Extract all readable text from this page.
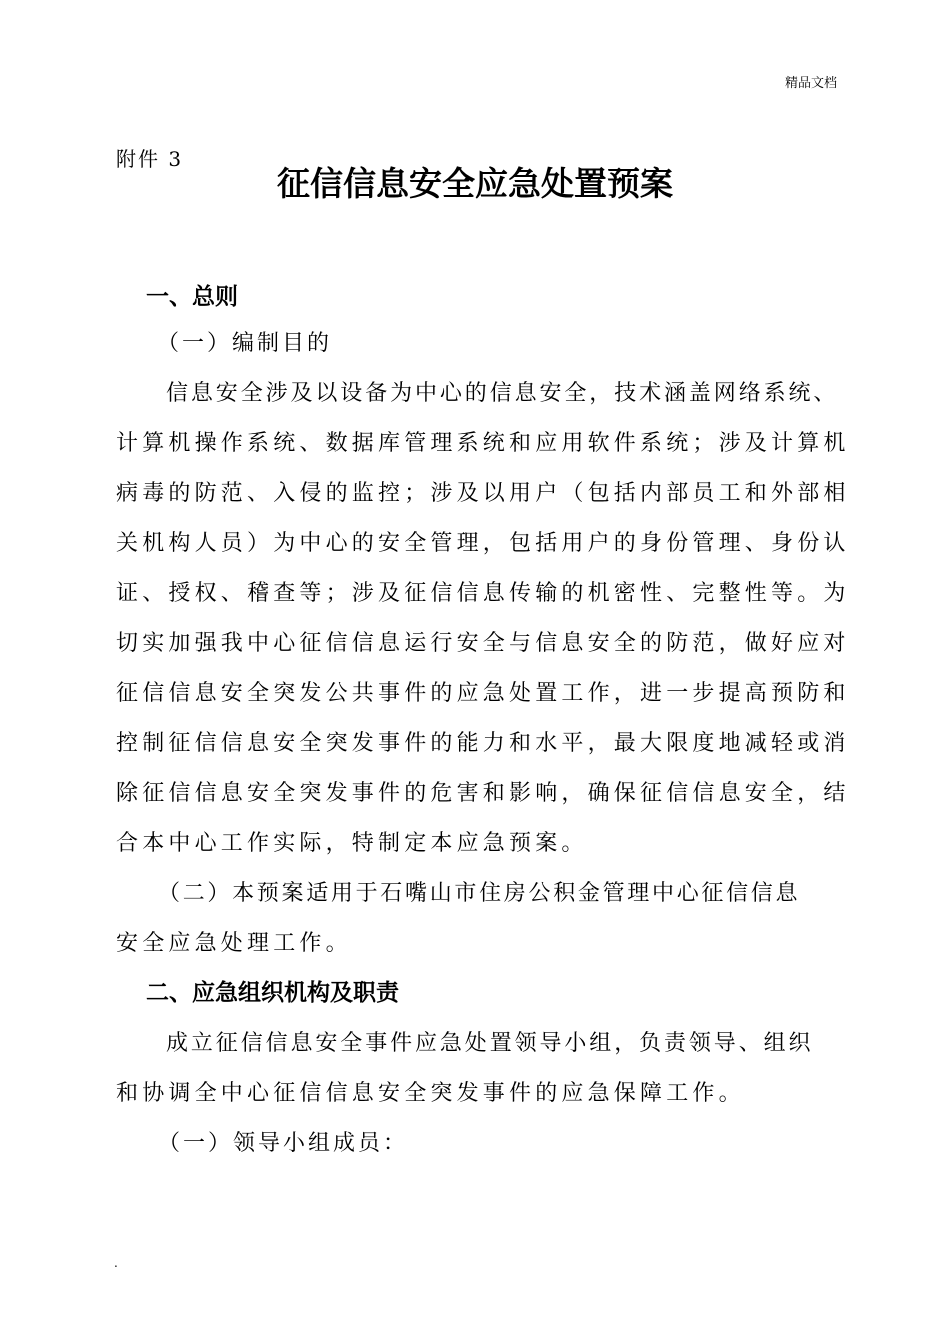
精品文档
附件 3
征信信息安全应急处置预案
一、总则
（一）编制目的
信息安全涉及以设备为中心的信息安全，技术涵盖网络系统、
计算机操作系统、数据库管理系统和应用软件系统；涉及计算机
病毒的防范、入侵的监控；涉及以用户（包括内部员工和外部相
关机构人员）为中心的安全管理，包括用户的身份管理、身份认
证、授权、稽查等；涉及征信信息传输的机密性、完整性等。为
切实加强我中心征信信息运行安全与信息安全的防范，做好应对
征信信息安全突发公共事件的应急处置工作，进一步提高预防和
控制征信信息安全突发事件的能力和水平，最大限度地减轻或消
除征信信息安全突发事件的危害和影响，确保征信信息安全，结
合本中心工作实际，特制定本应急预案。
（二）本预案适用于石嘴山市住房公积金管理中心征信信息
安全应急处理工作。
二、应急组织机构及职责
成立征信信息安全事件应急处置领导小组，负责领导、组织
和协调全中心征信信息安全突发事件的应急保障工作。
（一）领导小组成员：
.
